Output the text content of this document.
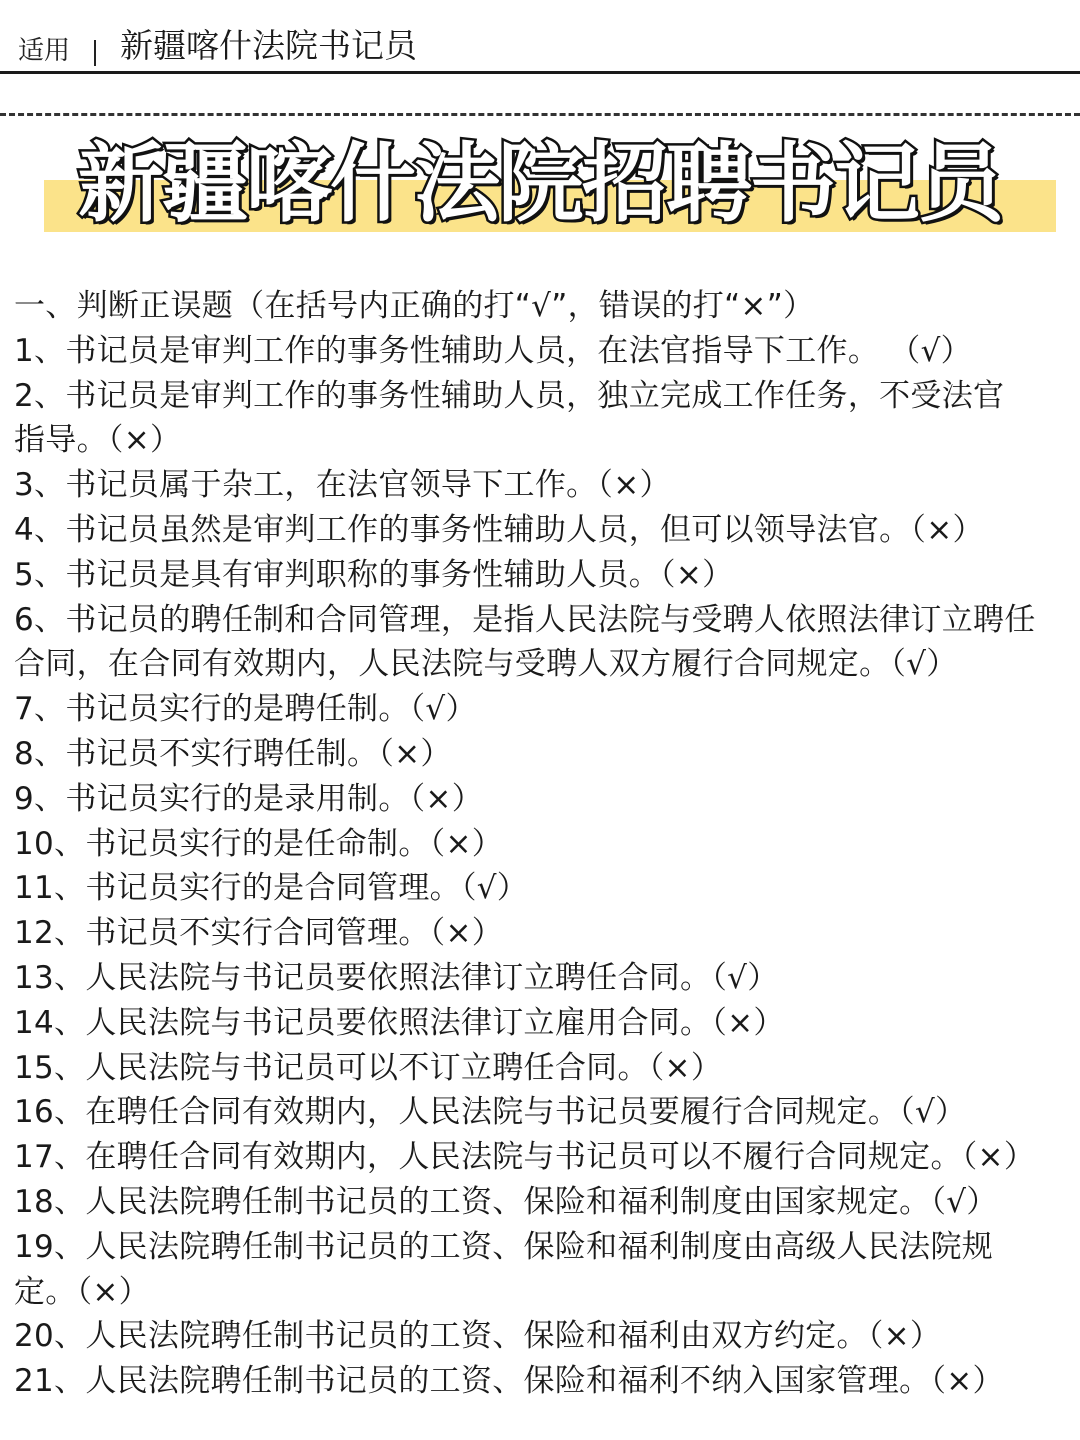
适用 新疆喀什法院书记员
新疆喀什法院招聘书记员
一、判断正误题（在括号内正确的打“√”，错误的打“×”）
1、书记员是审判工作的事务性辅助人员，在法官指导下工作。 （√）
2、书记员是审判工作的事务性辅助人员，独立完成工作任务，不受法官
指导。（×）
3、书记员属于杂工，在法官领导下工作。（×）
4、书记员虽然是审判工作的事务性辅助人员，但可以领导法官。（×）
5、书记员是具有审判职称的事务性辅助人员。（×）
6、书记员的聘任制和合同管理，是指人民法院与受聘人依照法律订立聘任
合同，在合同有效期内，人民法院与受聘人双方履行合同规定。（√）
7、书记员实行的是聘任制。（√）
8、书记员不实行聘任制。（×）
9、书记员实行的是录用制。（×）
10、书记员实行的是任命制。（×）
11、书记员实行的是合同管理。（√）
12、书记员不实行合同管理。（×）
13、人民法院与书记员要依照法律订立聘任合同。（√）
14、人民法院与书记员要依照法律订立雇用合同。（×）
15、人民法院与书记员可以不订立聘任合同。（×）
16、在聘任合同有效期内，人民法院与书记员要履行合同规定。（√）
17、在聘任合同有效期内，人民法院与书记员可以不履行合同规定。（×）
18、人民法院聘任制书记员的工资、保险和福利制度由国家规定。（√）
19、人民法院聘任制书记员的工资、保险和福利制度由高级人民法院规
定。（×）
20、人民法院聘任制书记员的工资、保险和福利由双方约定。（×）
21、人民法院聘任制书记员的工资、保险和福利不纳入国家管理。（×）
